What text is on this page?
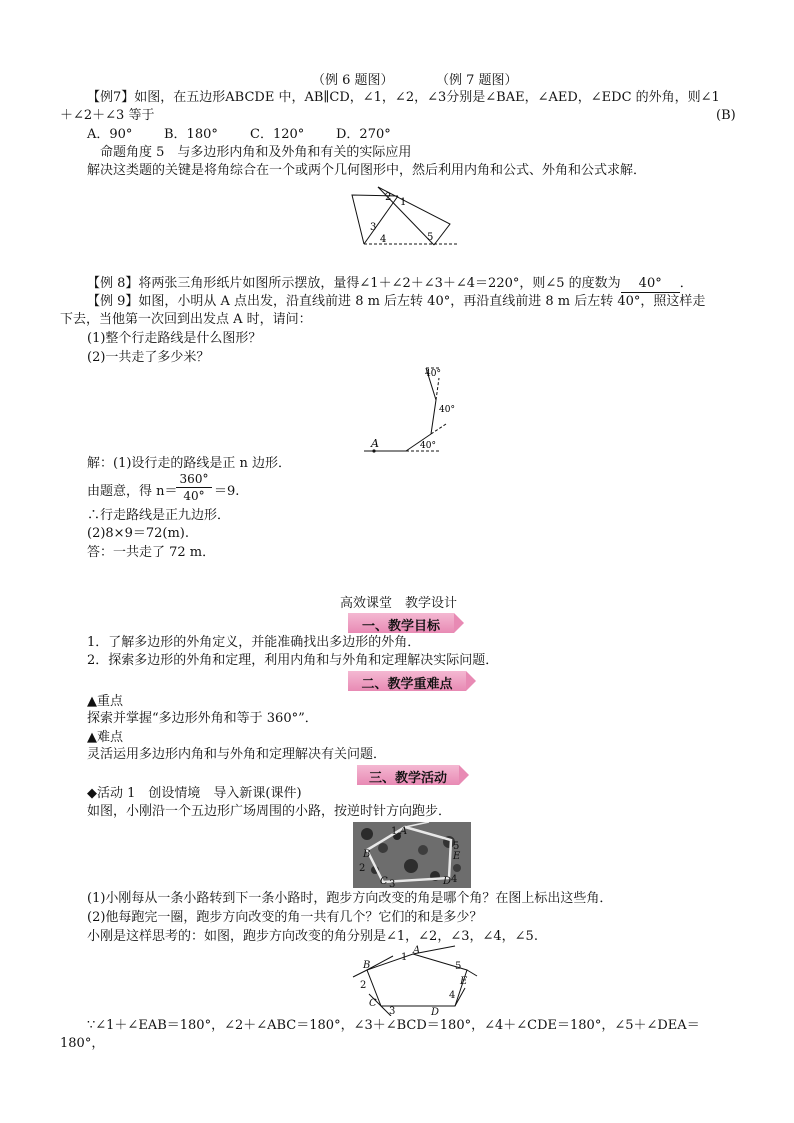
（例 6 题图）	（例 7 题图）
【例7】如图，在五边形ABCDE 中，AB∥CD，∠1，∠2，∠3分别是∠BAE，∠AED，∠EDC 的外角，则∠1
＋∠2＋∠3 等于	(B)
A．90° B．180° C．120° D．270°
命题角度 5　与多边形内角和及外角和有关的实际应用
解决这类题的关键是将角综合在一个或两个几何图形中，然后利用内角和公式、外角和公式求解．
2 1
3
4	5
【例 8】将两张三角形纸片如图所示摆放，量得∠1＋∠2＋∠3＋∠4＝220°，则∠5 的度数为 40° ．
【例 9】如图，小明从 A 点出发，沿直线前进 8 m 后左转 40°，再沿直线前进 8 m 后左转 40°，照这样走
下去，当他第一次回到出发点 A 时，请问：
(1)整个行走路线是什么图形？
(2)一共走了多少米？
40°
40°
40°
A
解：(1)设行走的路线是正 n 边形．
由题意，得 n＝
360°
40° ＝9.
∴行走路线是正九边形．
(2)8×9＝72(m).
答：一共走了 72 m．
高效课堂　教学设计
一、教学目标
1．了解多边形的外角定义，并能准确找出多边形的外角．
2．探索多边形的外角和定理，利用内角和与外角和定理解决实际问题．
二、教学重难点
▲重点
探索并掌握“多边形外角和等于 360°”．
▲难点
灵活运用多边形内角和与外角和定理解决有关问题．
三、教学活动
◆活动 1　创设情境　导入新课(课件)
如图，小刚沿一个五边形广场周围的小路，按逆时针方向跑步．
1 A
B	E
2
5
C	D
3	4
(1)小刚每从一条小路转到下一条小路时，跑步方向改变的角是哪个角？在图上标出这些角．
(2)他每跑完一圈，跑步方向改变的角一共有几个？它们的和是多少？
小刚是这样思考的：如图，跑步方向改变的角分别是∠1，∠2，∠3，∠4，∠5.
A
1
B	5
E
2
4
C
3	D
∵∠1＋∠EAB＝180°，∠2＋∠ABC＝180°，∠3＋∠BCD＝180°，∠4＋∠CDE＝180°，∠5＋∠DEA＝
180°，
